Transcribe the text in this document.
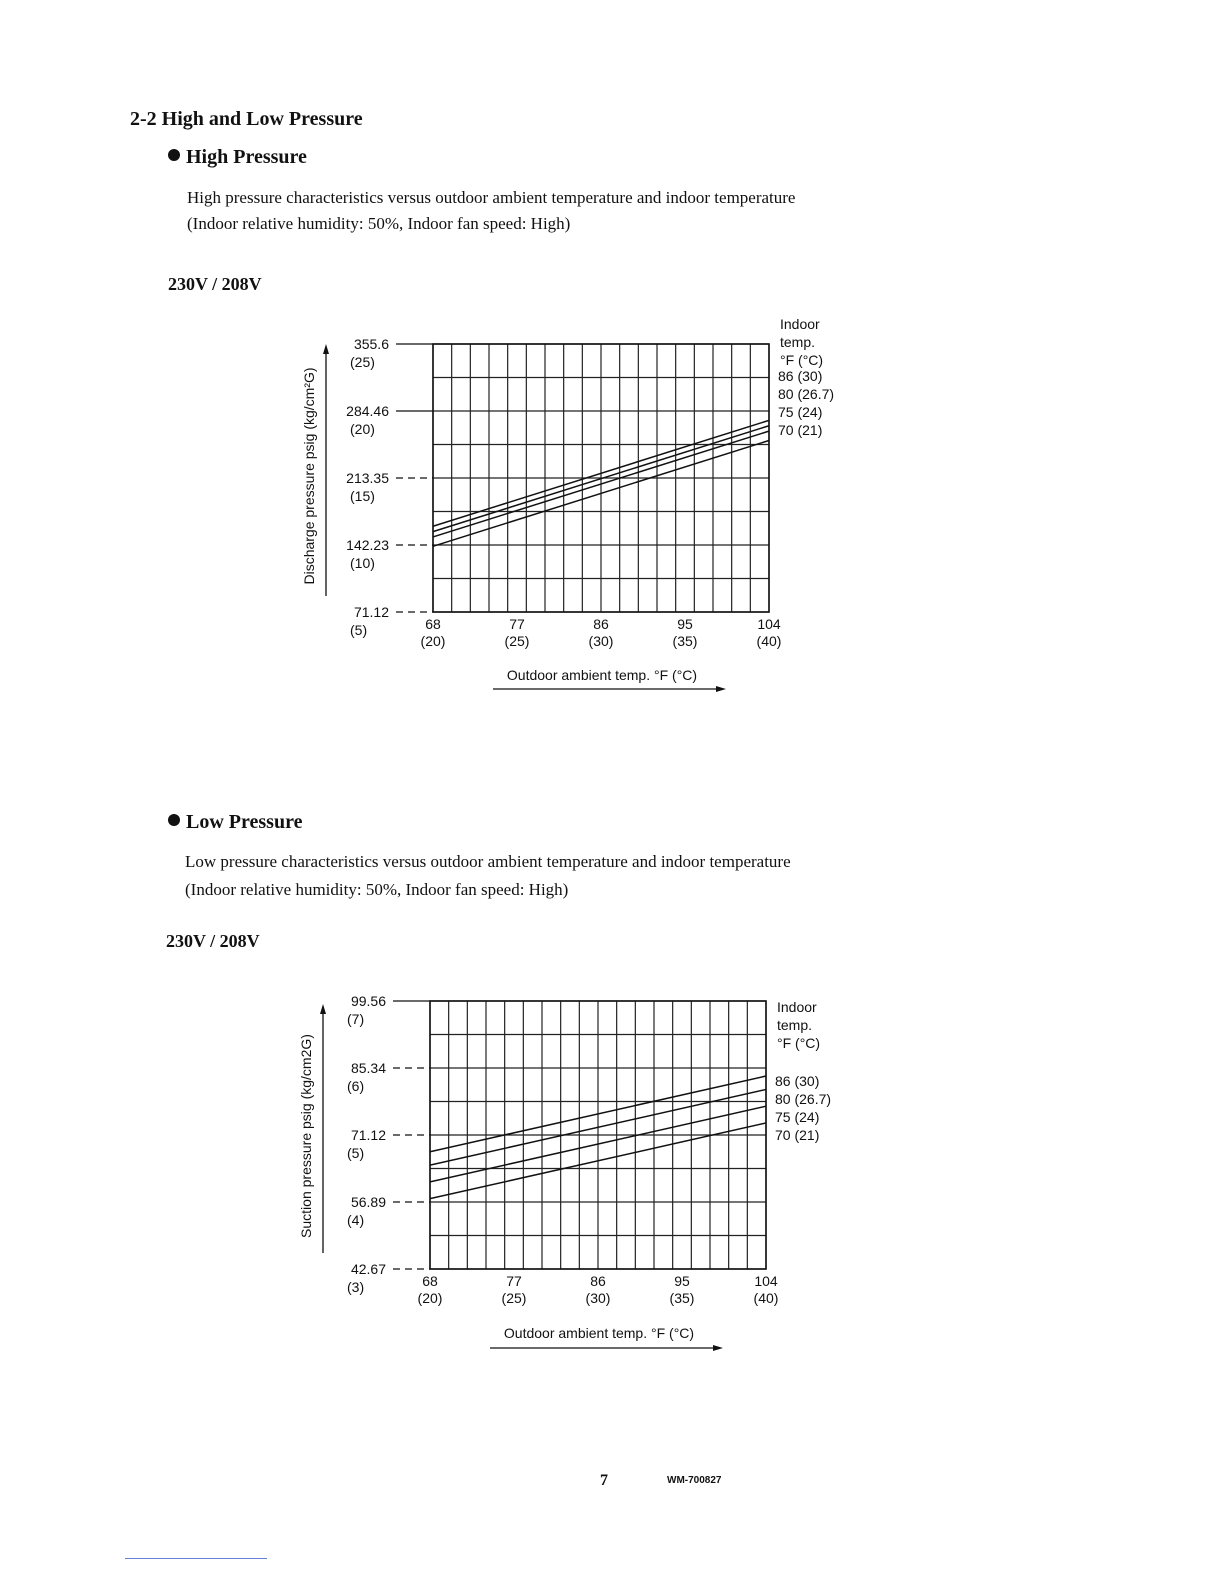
2-2 High and Low Pressure
High Pressure
High pressure characteristics versus outdoor ambient temperature and indoor temperature
(Indoor relative humidity: 50%, Indoor fan speed: High)
230V / 208V
355.6
(25)
284.46
(20)
213.35
(15)
142.23
(10)
71.12
(5)	68
(20)
77
(25)
86
(30)
95
(35)
104
(40)
Indoor
temp.
°F (°C)
86 (30)
80 (26.7)
75 (24)
70 (21)
Discharge pressure psig (kg/cm²G)
Outdoor ambient temp. °F (°C)
Low Pressure
Low pressure characteristics versus outdoor ambient temperature and indoor temperature
(Indoor relative humidity: 50%, Indoor fan speed: High)
230V / 208V
99.56
(7)
85.34
(6)
71.12
(5)
56.89
(4)
42.67
(3)	68
(20)
77
(25)
86
(30)
95
(35)
104
(40)
Indoor
temp.
°F (°C)
86 (30)
80 (26.7)
75 (24)
70 (21)
Suction pressure psig (kg/cm2G)
Outdoor ambient temp. °F (°C)
7	WM-700827
